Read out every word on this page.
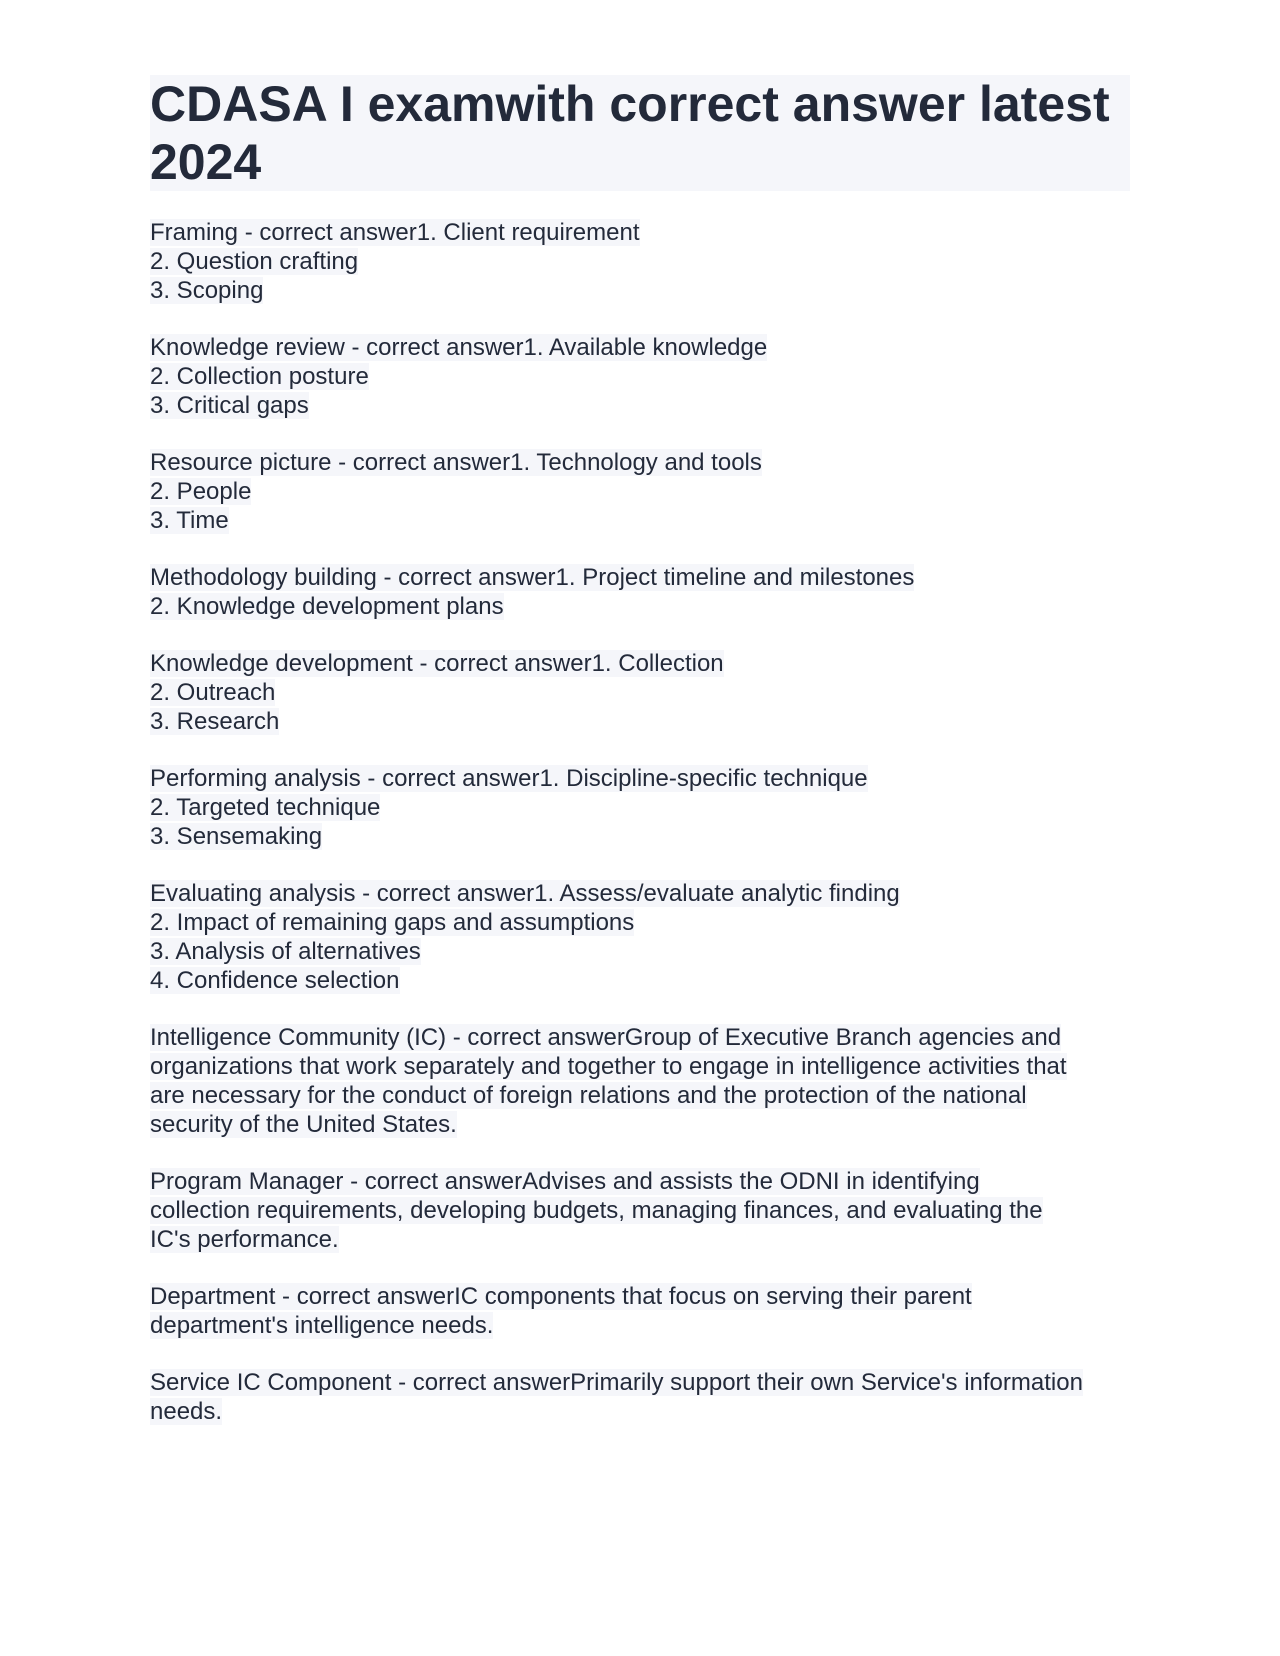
CDASA I examwith correct answer latest 2024
Framing - correct answer1. Client requirement
2. Question crafting
3. Scoping
Knowledge review - correct answer1. Available knowledge
2. Collection posture
3. Critical gaps
Resource picture - correct answer1. Technology and tools
2. People
3. Time
Methodology building - correct answer1. Project timeline and milestones
2. Knowledge development plans
Knowledge development - correct answer1. Collection
2. Outreach
3. Research
Performing analysis - correct answer1. Discipline-specific technique
2. Targeted technique
3. Sensemaking
Evaluating analysis - correct answer1. Assess/evaluate analytic finding
2. Impact of remaining gaps and assumptions
3. Analysis of alternatives
4. Confidence selection
Intelligence Community (IC) - correct answerGroup of Executive Branch agencies and
organizations that work separately and together to engage in intelligence activities that
are necessary for the conduct of foreign relations and the protection of the national
security of the United States.
Program Manager - correct answerAdvises and assists the ODNI in identifying
collection requirements, developing budgets, managing finances, and evaluating the
IC's performance.
Department - correct answerIC components that focus on serving their parent
department's intelligence needs.
Service IC Component - correct answerPrimarily support their own Service's information
needs.
